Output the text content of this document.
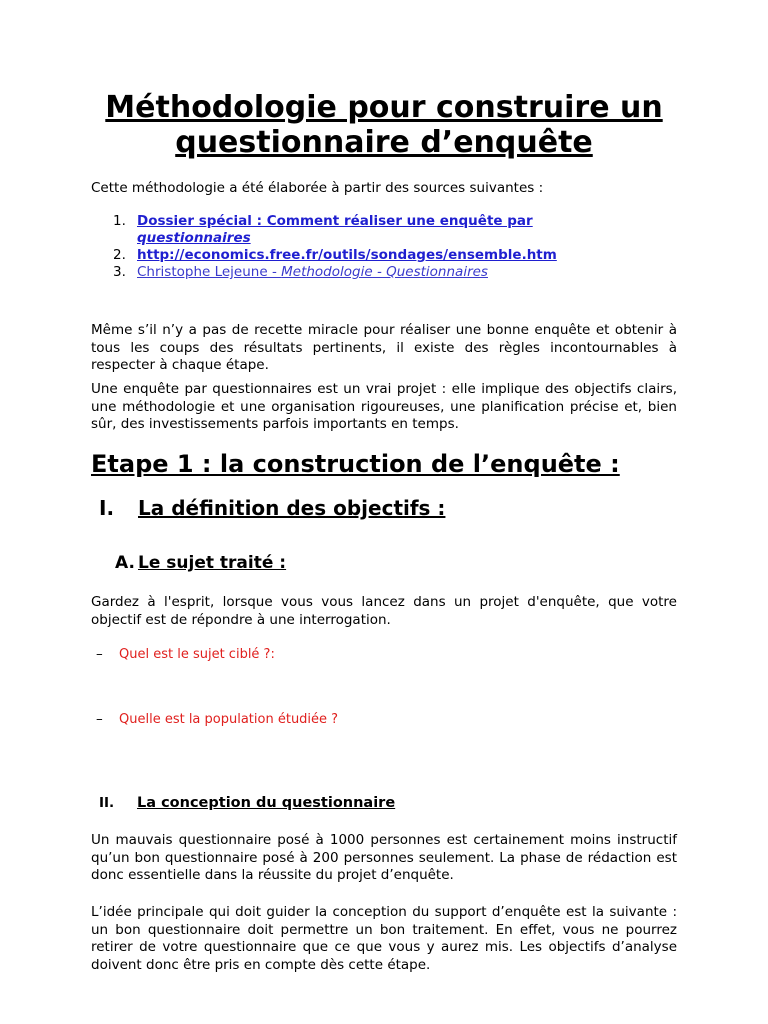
Méthodologie pour construire un questionnaire d’enquête

Cette méthodologie a été élaborée à partir des sources suivantes :

1. Dossier spécial : Comment réaliser une enquête par questionnaires
2. http://economics.free.fr/outils/sondages/ensemble.htm
3. Christophe Lejeune - Methodologie - Questionnaires

Même s’il n’y a pas de recette miracle pour réaliser une bonne enquête et obtenir à tous les coups des résultats pertinents, il existe des règles incontournables à respecter à chaque étape.

Une enquête par questionnaires est un vrai projet : elle implique des objectifs clairs, une méthodologie et une organisation rigoureuses, une planification précise et, bien sûr, des investissements parfois importants en temps.

Etape 1 : la construction de l’enquête :
I. La définition des objectifs :
A. Le sujet traité :

Gardez à l'esprit, lorsque vous vous lancez dans un projet d'enquête, que votre objectif est de répondre à une interrogation.

– Quel est le sujet ciblé ?:
– Quelle est la population étudiée ?
II. La conception du questionnaire

Un mauvais questionnaire posé à 1000 personnes est certainement moins instructif qu’un bon questionnaire posé à 200 personnes seulement. La phase de rédaction est donc essentielle dans la réussite du projet d’enquête.

L’idée principale qui doit guider la conception du support d’enquête est la suivante : un bon questionnaire doit permettre un bon traitement. En effet, vous ne pourrez retirer de votre questionnaire que ce que vous y aurez mis. Les objectifs d’analyse doivent donc être pris en compte dès cette étape.
